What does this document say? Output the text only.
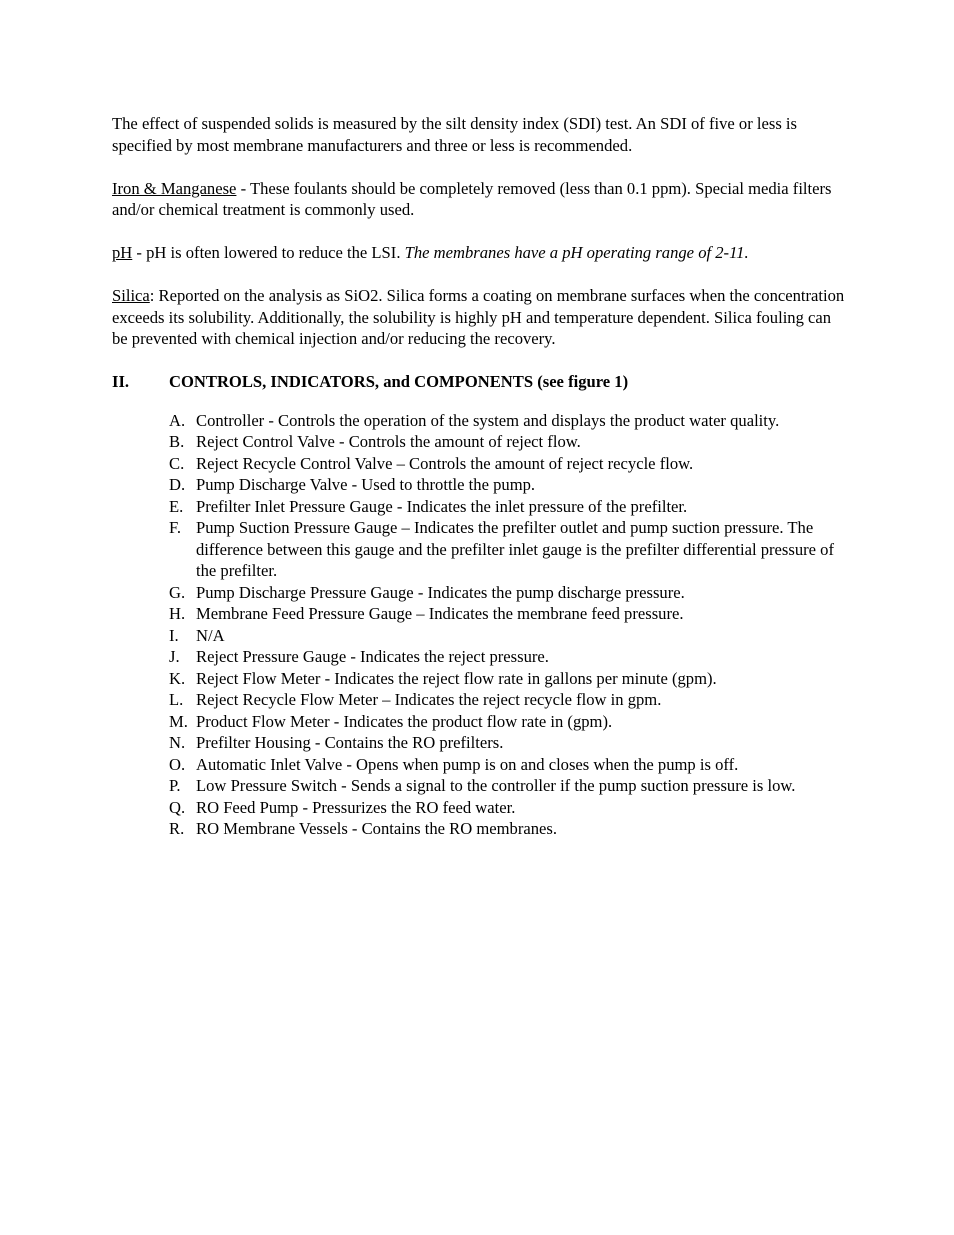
The effect of suspended solids is measured by the silt density index (SDI) test. An SDI of five or less is specified by most membrane manufacturers and three or less is recommended.

Iron & Manganese - These foulants should be completely removed (less than 0.1 ppm). Special media filters and/or chemical treatment is commonly used.

pH - pH is often lowered to reduce the LSI. The membranes have a pH operating range of 2-11.

Silica: Reported on the analysis as SiO2. Silica forms a coating on membrane surfaces when the concentration exceeds its solubility. Additionally, the solubility is highly pH and temperature dependent. Silica fouling can be prevented with chemical injection and/or reducing the recovery.

II. CONTROLS, INDICATORS, and COMPONENTS (see figure 1)
A. Controller - Controls the operation of the system and displays the product water quality.
B. Reject Control Valve - Controls the amount of reject flow.
C. Reject Recycle Control Valve – Controls the amount of reject recycle flow.
D. Pump Discharge Valve - Used to throttle the pump.
E. Prefilter Inlet Pressure Gauge - Indicates the inlet pressure of the prefilter.
F. Pump Suction Pressure Gauge – Indicates the prefilter outlet and pump suction pressure. The difference between this gauge and the prefilter inlet gauge is the prefilter differential pressure of the prefilter.
G. Pump Discharge Pressure Gauge - Indicates the pump discharge pressure.
H. Membrane Feed Pressure Gauge – Indicates the membrane feed pressure.
I. N/A
J. Reject Pressure Gauge - Indicates the reject pressure.
K. Reject Flow Meter - Indicates the reject flow rate in gallons per minute (gpm).
L. Reject Recycle Flow Meter – Indicates the reject recycle flow in gpm.
M. Product Flow Meter - Indicates the product flow rate in (gpm).
N. Prefilter Housing - Contains the RO prefilters.
O. Automatic Inlet Valve - Opens when pump is on and closes when the pump is off.
P. Low Pressure Switch - Sends a signal to the controller if the pump suction pressure is low.
Q. RO Feed Pump - Pressurizes the RO feed water.
R. RO Membrane Vessels - Contains the RO membranes.
